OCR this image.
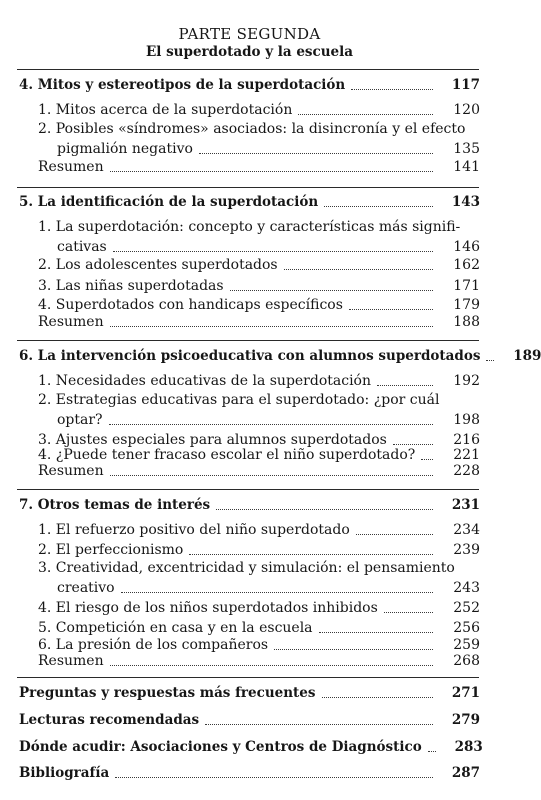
PARTE SEGUNDA
El superdotado y la escuela
4. Mitos y estereotipos de la superdotación	117
1. Mitos acerca de la superdotación	120
2. Posibles «síndromes» asociados: la disincronía y el efecto
pigmalión negativo	135
Resumen	141
5. La identificación de la superdotación	143
1. La superdotación: concepto y características más signifi-
cativas	146
2. Los adolescentes superdotados	162
3. Las niñas superdotadas	171
4. Superdotados con handicaps específicos	179
Resumen	188
6. La intervención psicoeducativa con alumnos superdotados	189
1. Necesidades educativas de la superdotación	192
2. Estrategias educativas para el superdotado: ¿por cuál
optar?	198
3. Ajustes especiales para alumnos superdotados	216
4. ¿Puede tener fracaso escolar el niño superdotado?	221
Resumen	228
7. Otros temas de interés	231
1. El refuerzo positivo del niño superdotado	234
2. El perfeccionismo	239
3. Creatividad, excentricidad y simulación: el pensamiento
creativo	243
4. El riesgo de los niños superdotados inhibidos	252
5. Competición en casa y en la escuela	256
6. La presión de los compañeros	259
Resumen	268
Preguntas y respuestas más frecuentes	271
Lecturas recomendadas	279
Dónde acudir: Asociaciones y Centros de Diagnóstico	283
Bibliografía	287
